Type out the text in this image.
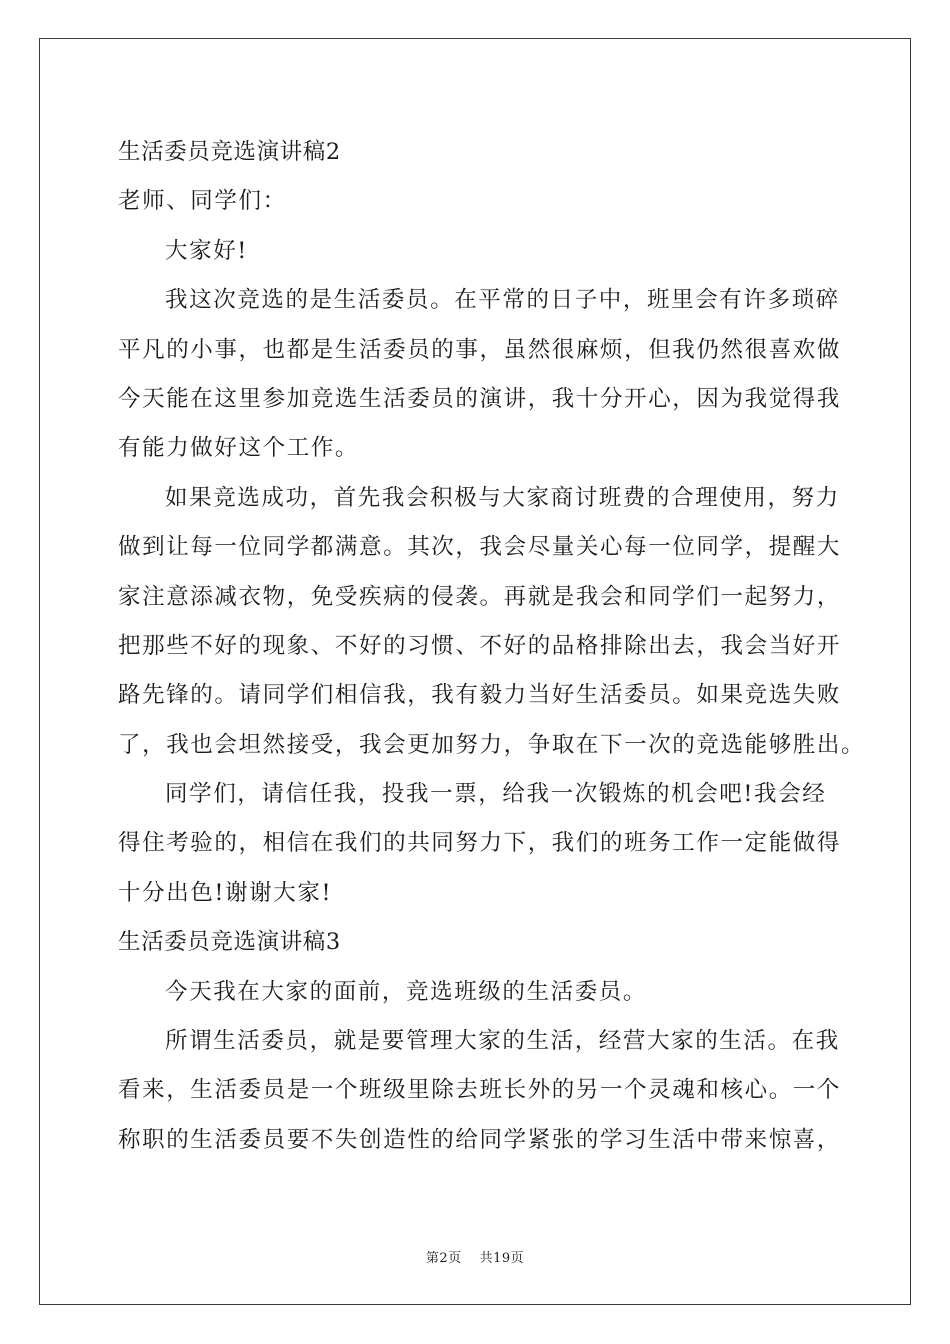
生活委员竞选演讲稿2
老师、同学们：
大家好!
我这次竞选的是生活委员。在平常的日子中，班里会有许多琐碎
平凡的小事，也都是生活委员的事，虽然很麻烦，但我仍然很喜欢做
今天能在这里参加竞选生活委员的演讲，我十分开心，因为我觉得我
有能力做好这个工作。
如果竞选成功，首先我会积极与大家商讨班费的合理使用，努力
做到让每一位同学都满意。其次，我会尽量关心每一位同学，提醒大
家注意添减衣物，免受疾病的侵袭。再就是我会和同学们一起努力，
把那些不好的现象、不好的习惯、不好的品格排除出去，我会当好开
路先锋的。请同学们相信我，我有毅力当好生活委员。如果竞选失败
了，我也会坦然接受，我会更加努力，争取在下一次的竞选能够胜出。
同学们，请信任我，投我一票，给我一次锻炼的机会吧!我会经
得住考验的，相信在我们的共同努力下，我们的班务工作一定能做得
十分出色!谢谢大家!
生活委员竞选演讲稿3
今天我在大家的面前，竞选班级的生活委员。
所谓生活委员，就是要管理大家的生活，经营大家的生活。在我
看来，生活委员是一个班级里除去班长外的另一个灵魂和核心。一个
称职的生活委员要不失创造性的给同学紧张的学习生活中带来惊喜，
第2页 共19页
